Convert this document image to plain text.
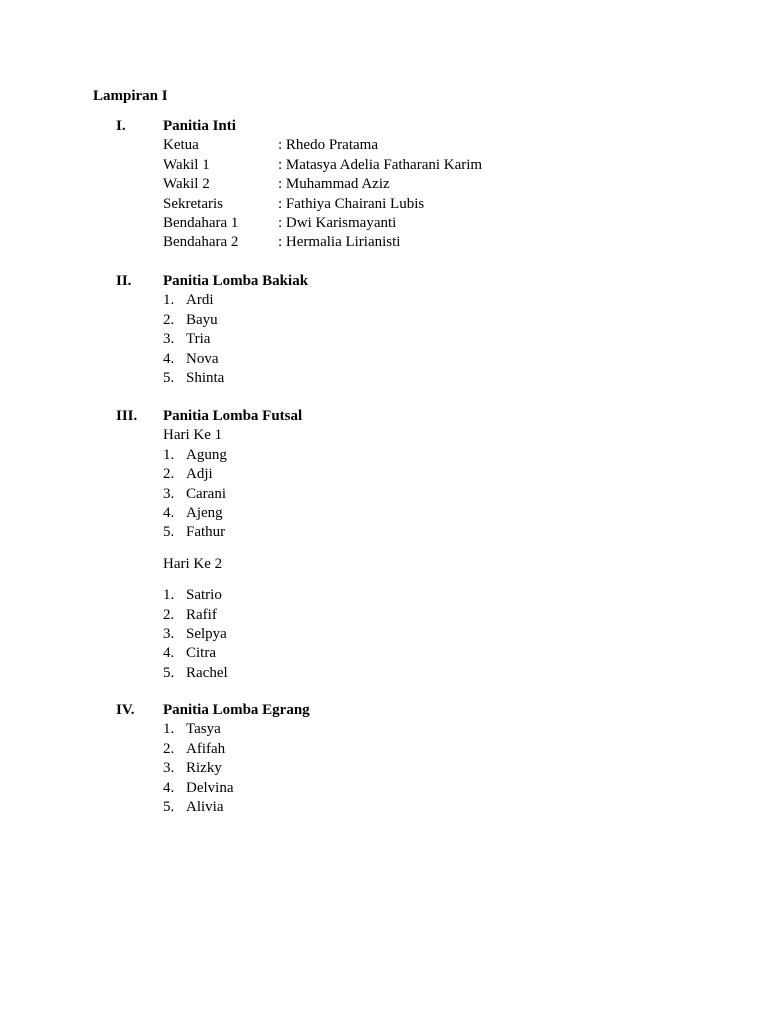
Lampiran I
I. Panitia Inti
Ketua	: Rhedo Pratama
Wakil 1	: Matasya Adelia Fatharani Karim
Wakil 2	: Muhammad Aziz
Sekretaris	: Fathiya Chairani Lubis
Bendahara 1	: Dwi Karismayanti
Bendahara 2	: Hermalia Lirianisti
II. Panitia Lomba Bakiak
1. Ardi
2. Bayu
3. Tria
4. Nova
5. Shinta
III. Panitia Lomba Futsal
Hari Ke 1
1. Agung
2. Adji
3. Carani
4. Ajeng
5. Fathur
Hari Ke 2
1. Satrio
2. Rafif
3. Selpya
4. Citra
5. Rachel
IV. Panitia Lomba Egrang
1. Tasya
2. Afifah
3. Rizky
4. Delvina
5. Alivia
